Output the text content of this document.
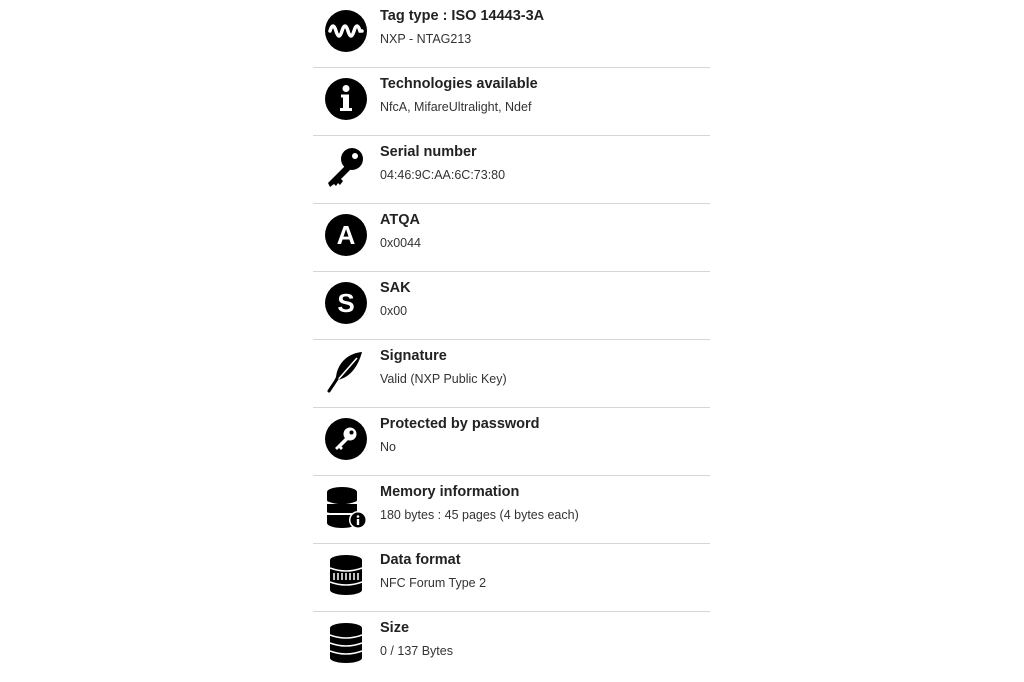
Tag type : ISO 14443-3A
NXP - NTAG213
Technologies available
NfcA, MifareUltralight, Ndef
Serial number
04:46:9C:AA:6C:73:80
A ATQA
0x0044
S SAK
0x00
Signature
Valid (NXP Public Key)
Protected by password
No
Memory information
180 bytes : 45 pages (4 bytes each)
Data format
NFC Forum Type 2
Size
0 / 137 Bytes
